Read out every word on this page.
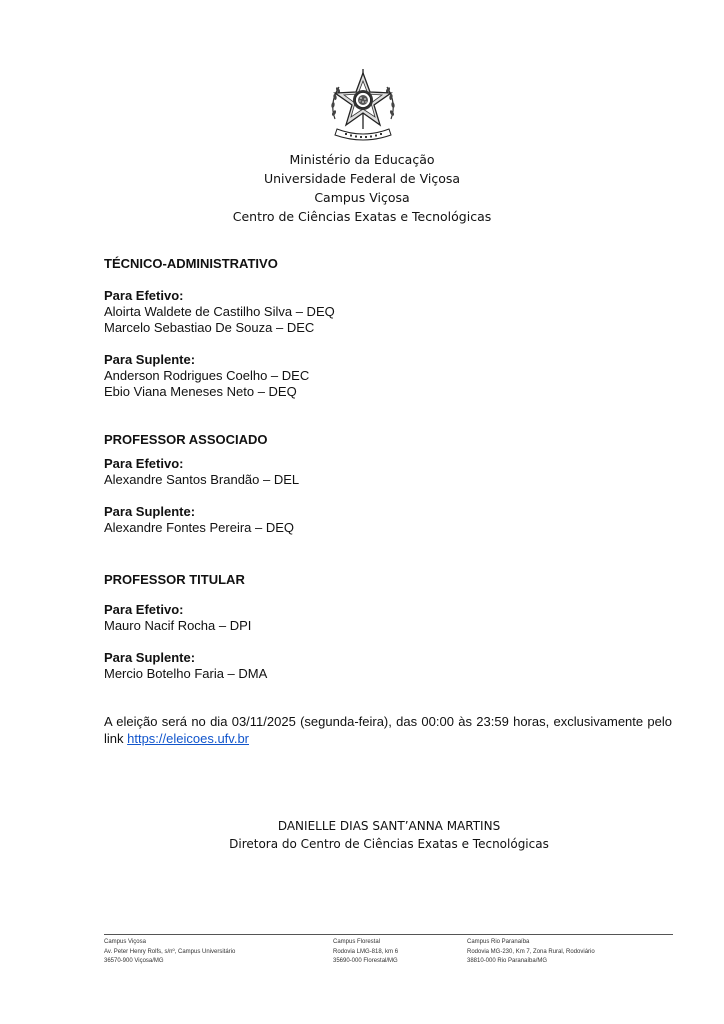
Ministério da Educação
Universidade Federal de Viçosa
Campus Viçosa
Centro de Ciências Exatas e Tecnológicas
TÉCNICO-ADMINISTRATIVO
Para Efetivo:
Aloirta Waldete de Castilho Silva – DEQ
Marcelo Sebastiao De Souza – DEC
Para Suplente:
Anderson Rodrigues Coelho – DEC
Ebio Viana Meneses Neto – DEQ
PROFESSOR ASSOCIADO
Para Efetivo:
Alexandre Santos Brandão – DEL
Para Suplente:
Alexandre Fontes Pereira – DEQ
PROFESSOR TITULAR
Para Efetivo:
Mauro Nacif Rocha – DPI
Para Suplente:
Mercio Botelho Faria – DMA
A eleição será no dia 03/11/2025 (segunda-feira), das 00:00 às 23:59 horas, exclusivamente pelo link https://eleicoes.ufv.br
DANIELLE DIAS SANT’ANNA MARTINS
Diretora do Centro de Ciências Exatas e Tecnológicas
Campus Viçosa
Av. Peter Henry Rolfs, s/nº, Campus Universitário
36570-900 Viçosa/MG
Campus Florestal
Rodovia LMG-818, km 6
35690-000 Florestal/MG
Campus Rio Paranaíba
Rodovia MG-230, Km 7, Zona Rural, Rodoviário
38810-000 Rio Paranaíba/MG
